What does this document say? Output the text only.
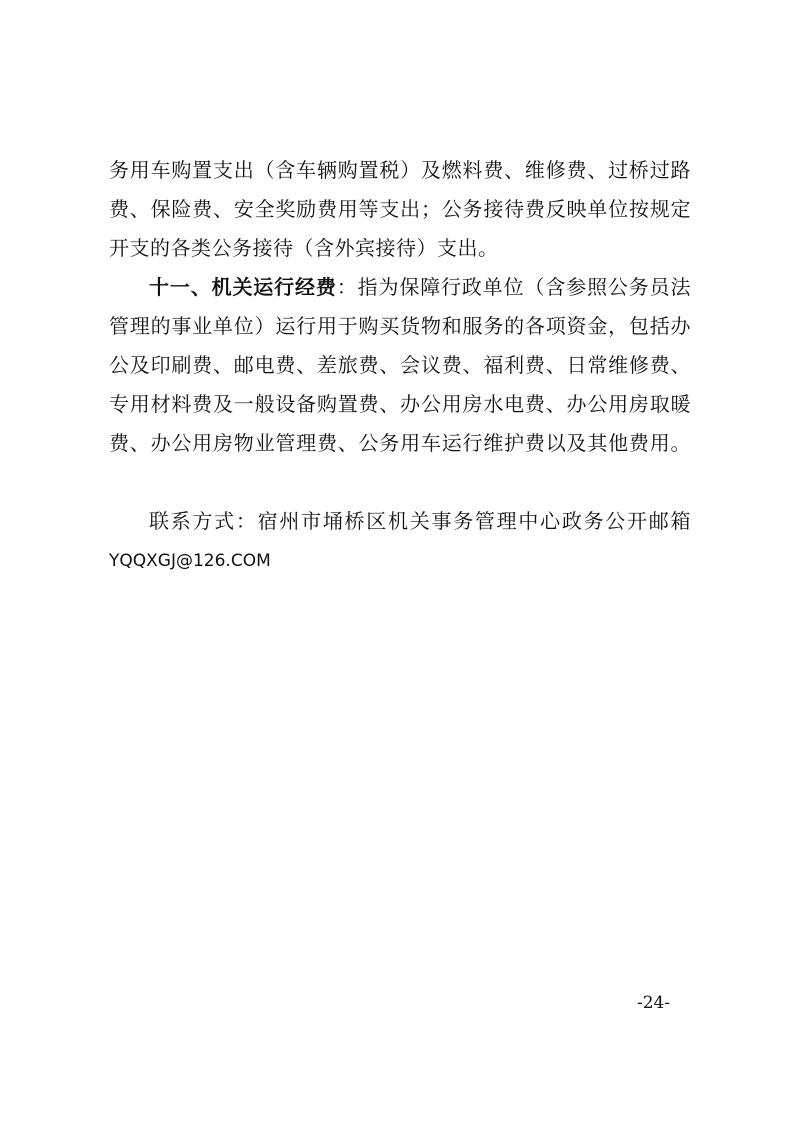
务用车购置支出（含车辆购置税）及燃料费、维修费、过桥过路
费、保险费、安全奖励费用等支出；公务接待费反映单位按规定
开支的各类公务接待（含外宾接待）支出。
十一、机关运行经费：指为保障行政单位（含参照公务员法
管理的事业单位）运行用于购买货物和服务的各项资金，包括办
公及印刷费、邮电费、差旅费、会议费、福利费、日常维修费、
专用材料费及一般设备购置费、办公用房水电费、办公用房取暖
费、办公用房物业管理费、公务用车运行维护费以及其他费用。
联系方式：宿州市埇桥区机关事务管理中心政务公开邮箱
YQQXGJ@126.COM
-24-
